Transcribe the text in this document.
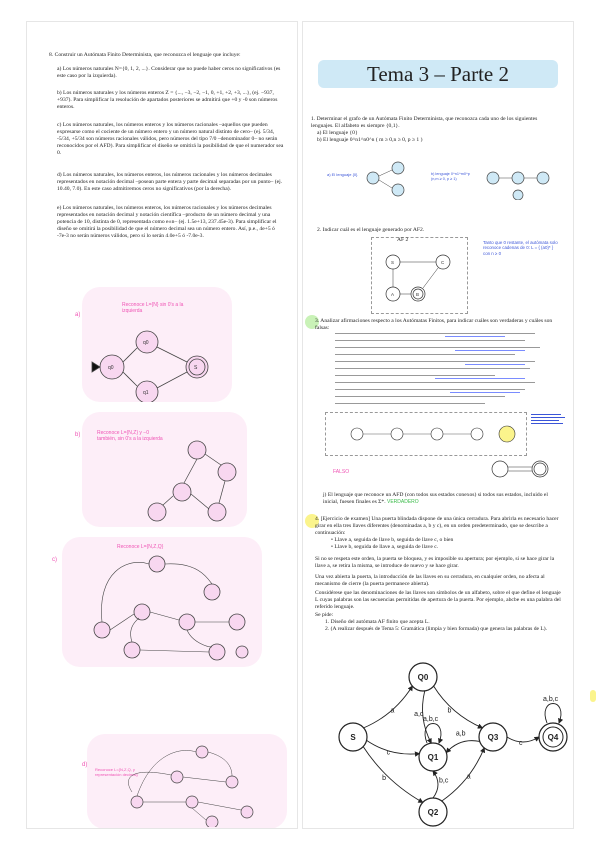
8. Construir un Autómata Finito Determinista, que reconozca el lenguaje que incluye:
a) Los números naturales N={0, 1, 2, ...}. Considerar que no puede haber ceros no significativos (es este caso por la izquierda).
b) Los números naturales y los números enteros Z = {..., −3, −2, −1, 0, +1, +2, +3, ...}, (ej. −937, +937). Para simplificar la resolución de apartados posteriores se admitirá que +0 y -0 son números enteros.
c) Los números naturales, los números enteros y los números racionales –aquellos que pueden expresarse como el cociente de un número entero y un número natural distinto de cero– (ej. 5/34, -5/34, +5/34 son números racionales válidos, pero números del tipo 7/0 –denominador 0– no serán reconocidos por el AFD). Para simplificar el diseño se omitirá la posibilidad de que el numerador sea 0.
d) Los números naturales, los números enteros, los números racionales y los números decimales representados en notación decimal –posean parte entera y parte decimal separadas por un punto– (ej. 10.40, 7.0). En este caso admitiremos ceros no significativos (por la derecha).
e) Los números naturales, los números enteros, los números racionales y los números decimales representados en notación decimal y notación científica –producto de un número decimal y una potencia de 10, distinta de 0, representada como e±n– (ej. 1.5e+13, 237.45e-3). Para simplificar el diseño se omitirá la posibilidad de que el número decimal sea un número entero. Así, p.e., 4e+5 ó -7e-3 no serán números válidos, pero sí lo serán 4.0e+5 ó -7.0e-3.
a)
Reconoce L={N} sin 0's a la izquierda
q0
q0
q1
S
b)	Reconoce L={N,Z} y −0 también, sin 0's a la izquierda
c)
Reconoce L={N,Z,Q}
d)
Reconoce L={N,Z,Q, y representación decimal}
Tema 3 – Parte 2
1. Determinar el grafo de un Autómata Finito Determinista, que reconozca cada uno de los siguientes lenguajes. El alfabeto es siempre {0,1}.
a) El lenguaje {0}
b) El lenguaje 0^n1^n0^n ( m ≥ 0,n ≥ 0, p ≥ 1 )
a) El lenguaje {0}	b) lenguaje 0^n1^m0^p (n,m ≥ 0, p ≥ 1)
2. Indicar cuál es el lenguaje generado por AF2.
AF 2
S	C
A	B
Tanto que 0 restante, el autómata solo reconoce cadenas de 0: L = { (a0)* } con n ≥ 0
3. Analizar afirmaciones respecto a los Autómatas Finitos, para indicar cuáles son verdaderas y cuáles son falsas:
FALSO
j) El lenguaje que reconoce un AFD (con todos sus estados conexos) si todos sus estados, incluido el inicial, fuesen finales es Σ*. VERDADERO
4. [Ejercicio de examen] Una puerta blindada dispone de una única cerradura. Para abrirla es necesario hacer girar en ella tres llaves diferentes (denominadas a, b y c), en un orden predeterminado, que se describe a continuación:
• Llave a, seguida de llave b, seguida de llave c, o bien
• Llave b, seguida de llave a, seguida de llave c.
Si no se respeta este orden, la puerta se bloquea, y es imposible su apertura; por ejemplo, si se hace girar la llave a, se retira la misma, se introduce de nuevo y se hace girar.
Una vez abierta la puerta, la introducción de las llaves en su cerradura, en cualquier orden, no afecta al mecanismo de cierre (la puerta permanece abierta).
Considérese que las denominaciones de las llaves son símbolos de un alfabeto, sobre el que define el lenguaje L cuyas palabras son las secuencias permitidas de apertura de la puerta. Por ejemplo, abcbe es una palabra del referido lenguaje.
Se pide:
1. Diseño del autómata AF finito que acepta L.
2. (A realizar después de Tema 5: Gramática (limpia y bien formada) que genera las palabras de L).
a
b
c
b
a,c
a
b,c
c
a,b
a,b,c
a,b,c
S
Q0
Q1
Q2
Q3	Q4
